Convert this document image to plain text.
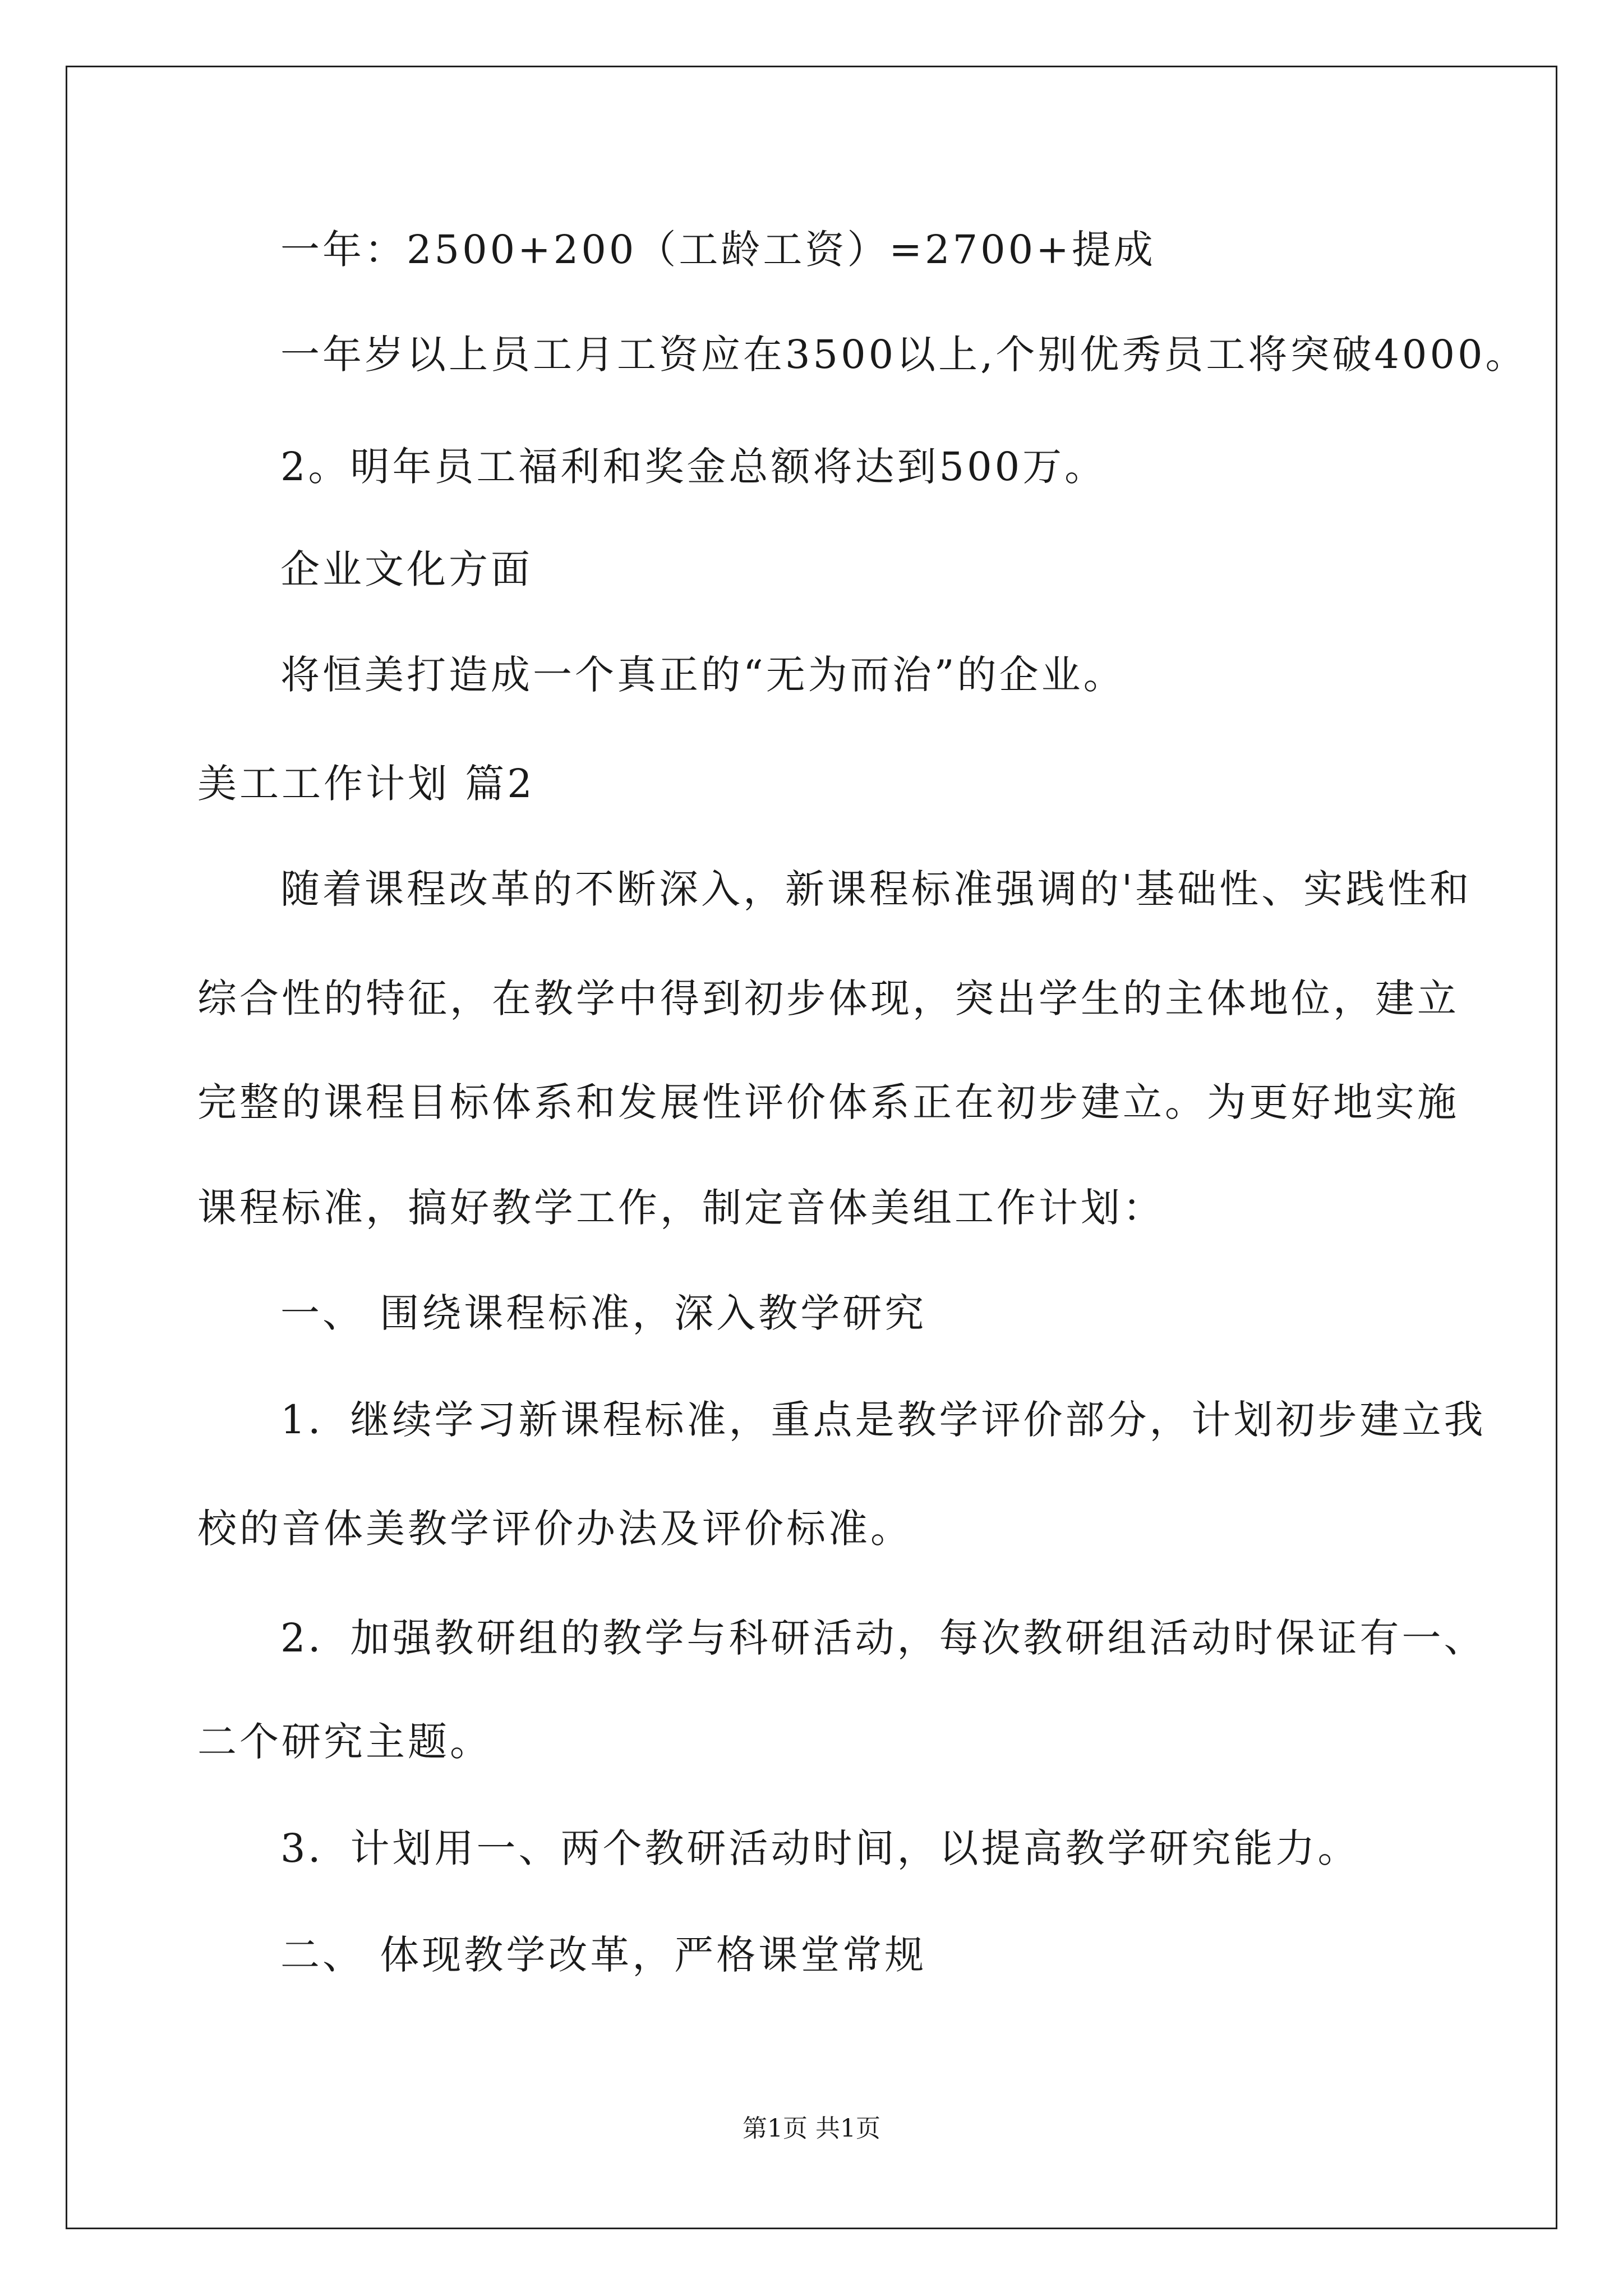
一年：2500+200（工龄工资）=2700+提成
一年岁以上员工月工资应在3500以上,个别优秀员工将突破4000。
2。明年员工福利和奖金总额将达到500万。
企业文化方面
将恒美打造成一个真正的“无为而治”的企业。
美工工作计划 篇2
随着课程改革的不断深入，新课程标准强调的'基础性、实践性和
综合性的特征，在教学中得到初步体现，突出学生的主体地位，建立
完整的课程目标体系和发展性评价体系正在初步建立。为更好地实施
课程标准，搞好教学工作，制定音体美组工作计划：
一、 围绕课程标准，深入教学研究
1．继续学习新课程标准，重点是教学评价部分，计划初步建立我
校的音体美教学评价办法及评价标准。
2．加强教研组的教学与科研活动，每次教研组活动时保证有一、
二个研究主题。
3．计划用一、两个教研活动时间，以提高教学研究能力。
二、 体现教学改革，严格课堂常规
第1页 共1页
